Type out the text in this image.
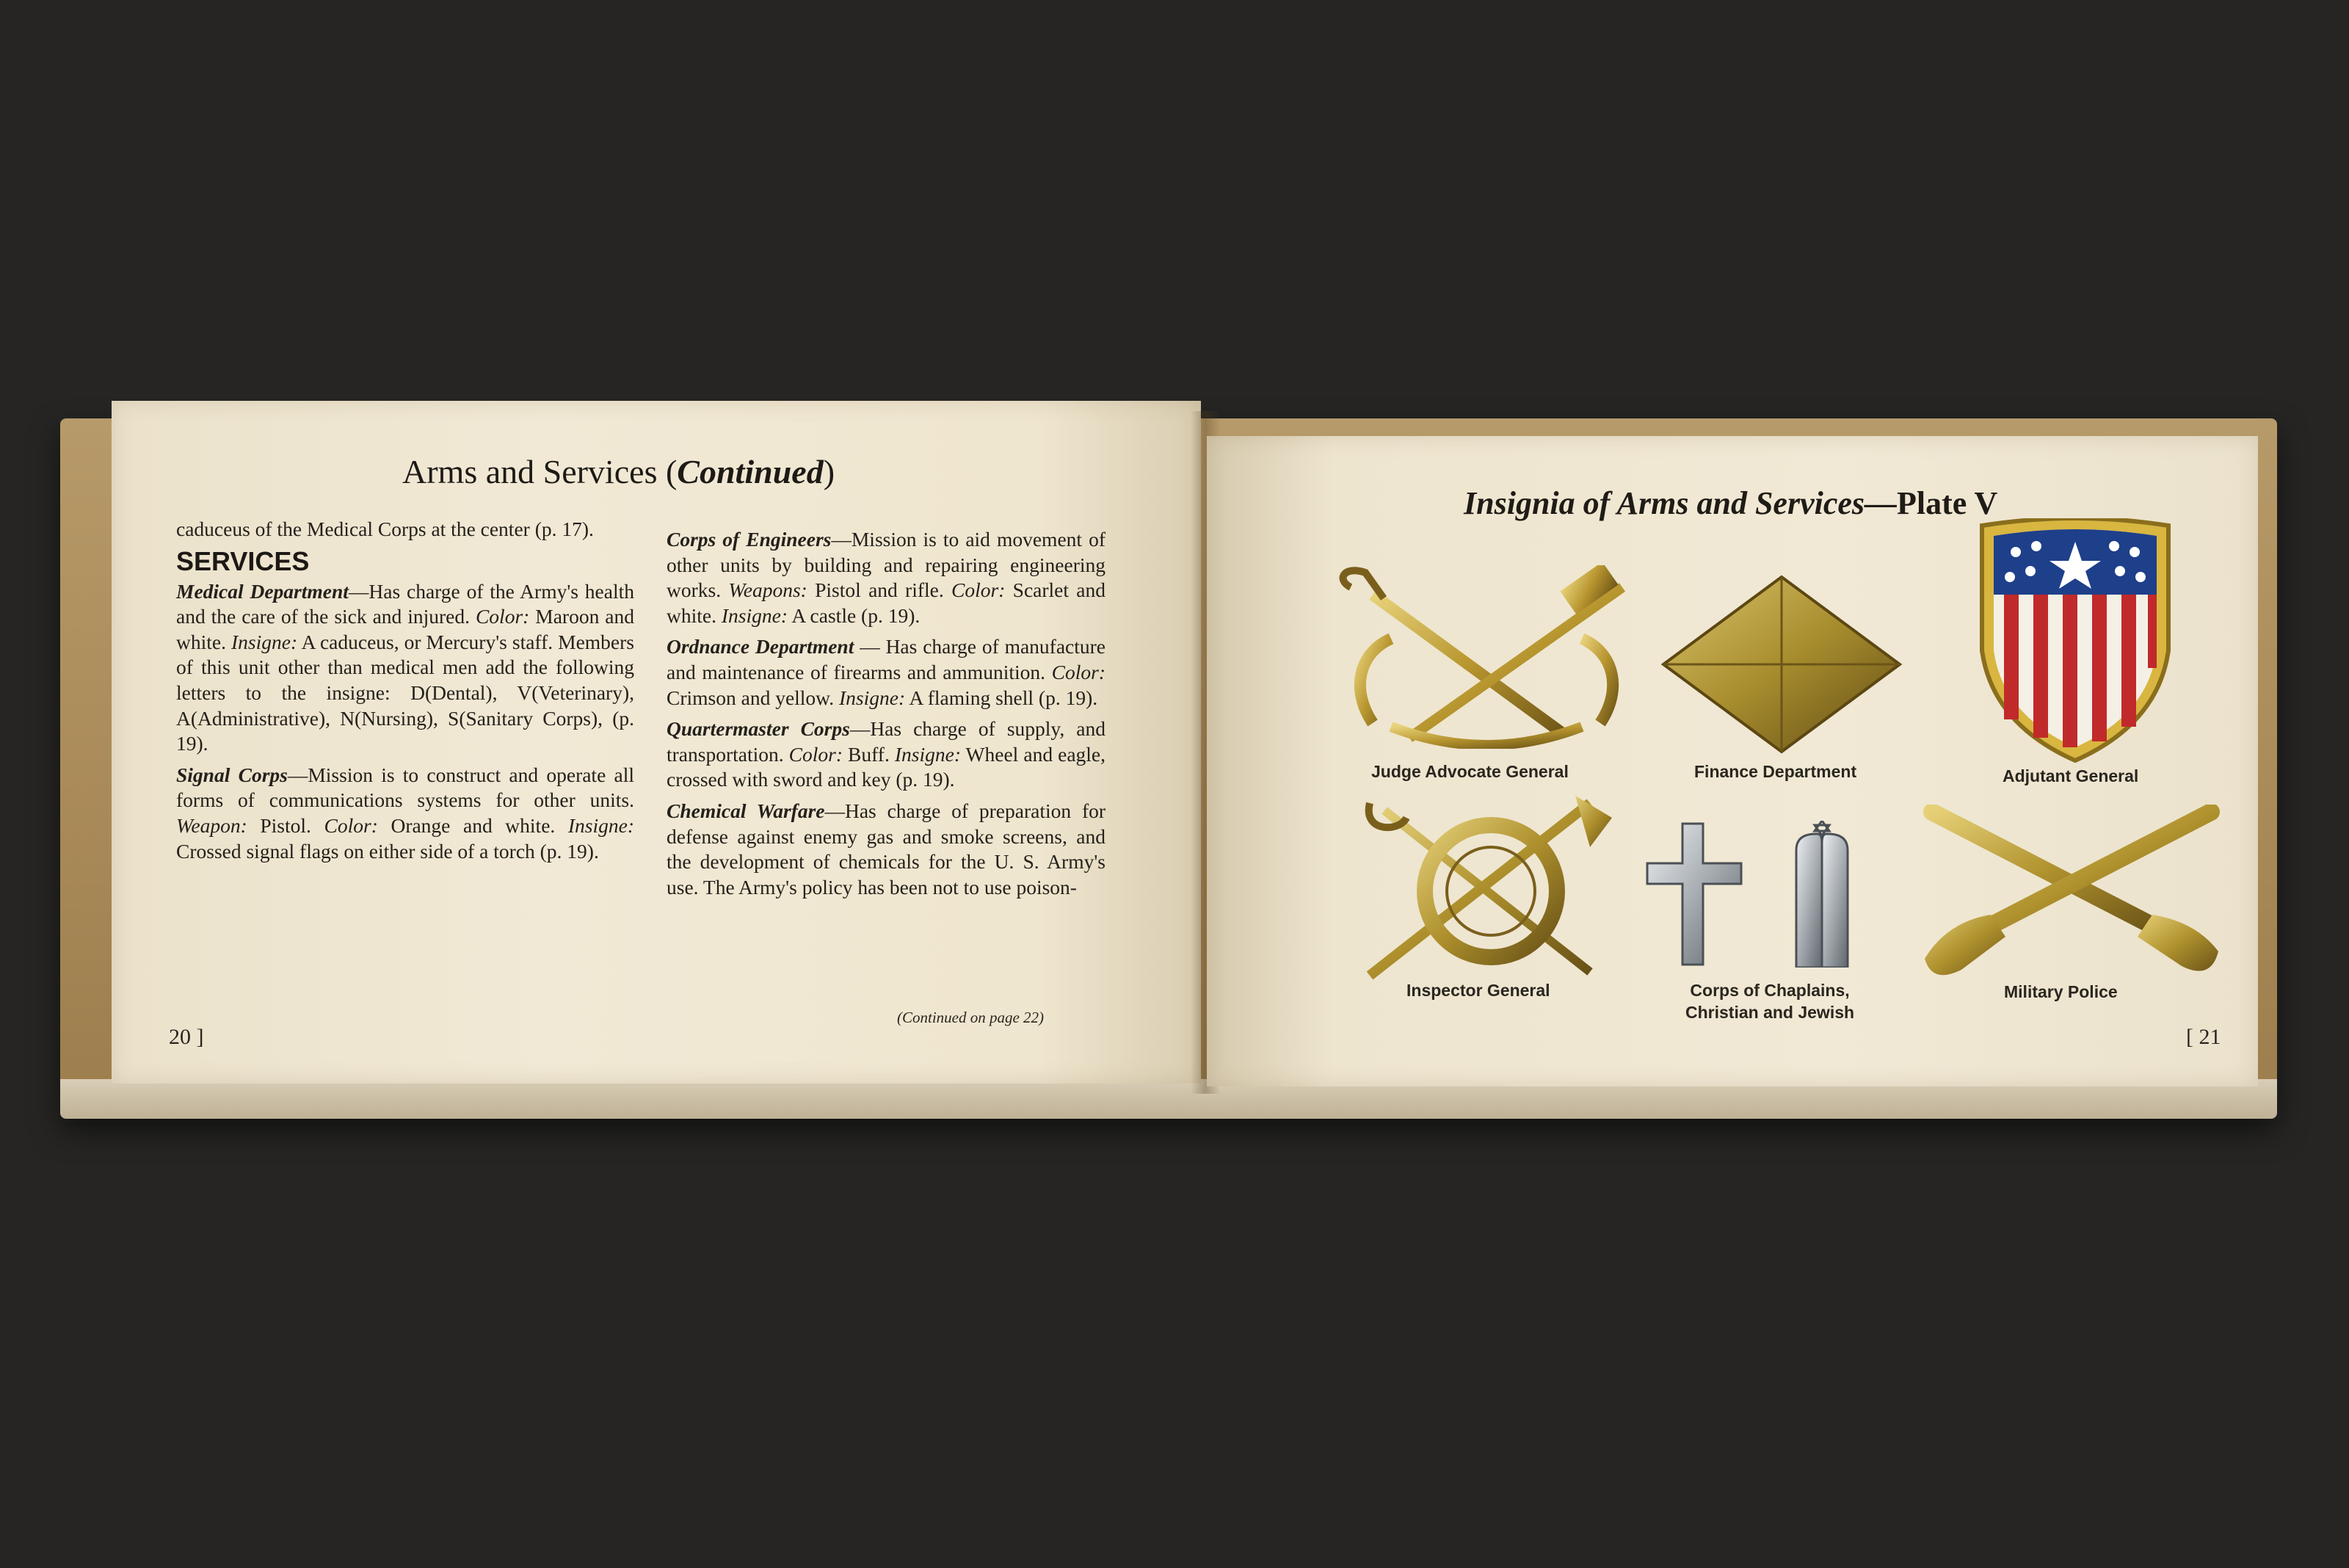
Arms and Services (Continued)

caduceus of the Medical Corps at the center (p. 17).

SERVICES

Medical Department—Has charge of the Army's health and the care of the sick and injured. Color: Maroon and white. Insigne: A caduceus, or Mercury's staff. Members of this unit other than medical men add the following letters to the insigne: D(Dental), V(Veterinary), A(Administrative), N(Nursing), S(Sanitary Corps), (p. 19).

Signal Corps—Mission is to construct and operate all forms of communications systems for other units. Weapon: Pistol. Color: Orange and white. Insigne: Crossed signal flags on either side of a torch (p. 19).

Corps of Engineers—Mission is to aid movement of other units by building and repairing engineering works. Weapons: Pistol and rifle. Color: Scarlet and white. Insigne: A castle (p. 19).

Ordnance Department — Has charge of manufacture and maintenance of firearms and ammunition. Color: Crimson and yellow. Insigne: A flaming shell (p. 19).

Quartermaster Corps—Has charge of supply, and transportation. Color: Buff. Insigne: Wheel and eagle, crossed with sword and key (p. 19).

Chemical Warfare—Has charge of preparation for defense against enemy gas and smoke screens, and the development of chemicals for the U. S. Army's use. The Army's policy has been not to use poison-

(Continued on page 22)
20 ]
Insignia of Arms and Services—Plate V
Judge Advocate General	Finance Department	Adjutant General
Inspector General	Corps of Chaplains,
Christian and Jewish
Military Police
[ 21
